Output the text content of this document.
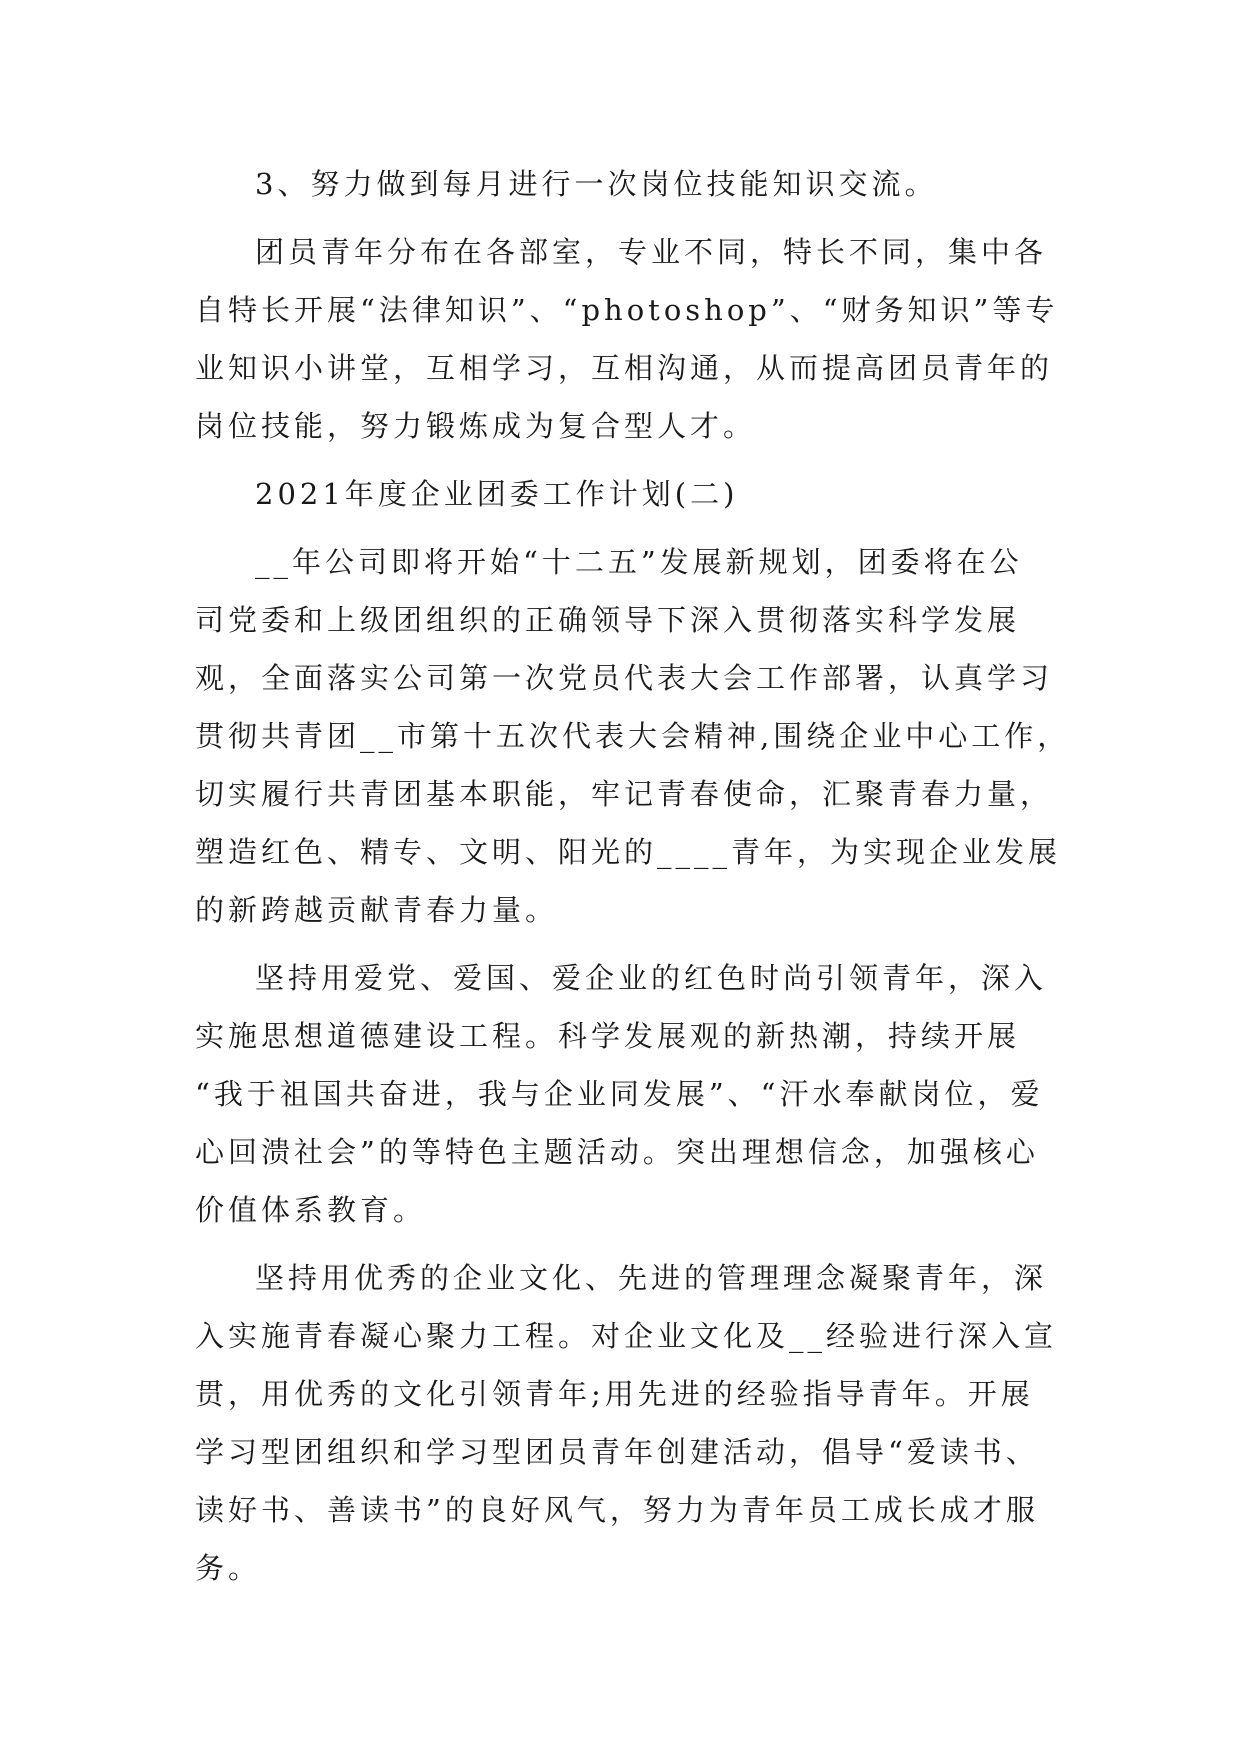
3、努力做到每月进行一次岗位技能知识交流。
团员青年分布在各部室，专业不同，特长不同，集中各
自特长开展“法律知识”、“photoshop”、“财务知识”等专
业知识小讲堂，互相学习，互相沟通，从而提高团员青年的
岗位技能，努力锻炼成为复合型人才。
2021年度企业团委工作计划(二)
__年公司即将开始“十二五”发展新规划，团委将在公
司党委和上级团组织的正确领导下深入贯彻落实科学发展
观，全面落实公司第一次党员代表大会工作部署，认真学习
贯彻共青团__市第十五次代表大会精神,围绕企业中心工作，
切实履行共青团基本职能，牢记青春使命，汇聚青春力量，
塑造红色、精专、文明、阳光的____青年，为实现企业发展
的新跨越贡献青春力量。
坚持用爱党、爱国、爱企业的红色时尚引领青年，深入
实施思想道德建设工程。科学发展观的新热潮，持续开展
“我于祖国共奋进，我与企业同发展”、“汗水奉献岗位，爱
心回溃社会”的等特色主题活动。突出理想信念，加强核心
价值体系教育。
坚持用优秀的企业文化、先进的管理理念凝聚青年，深
入实施青春凝心聚力工程。对企业文化及__经验进行深入宣
贯，用优秀的文化引领青年;用先进的经验指导青年。开展
学习型团组织和学习型团员青年创建活动，倡导“爱读书、
读好书、善读书”的良好风气，努力为青年员工成长成才服
务。
